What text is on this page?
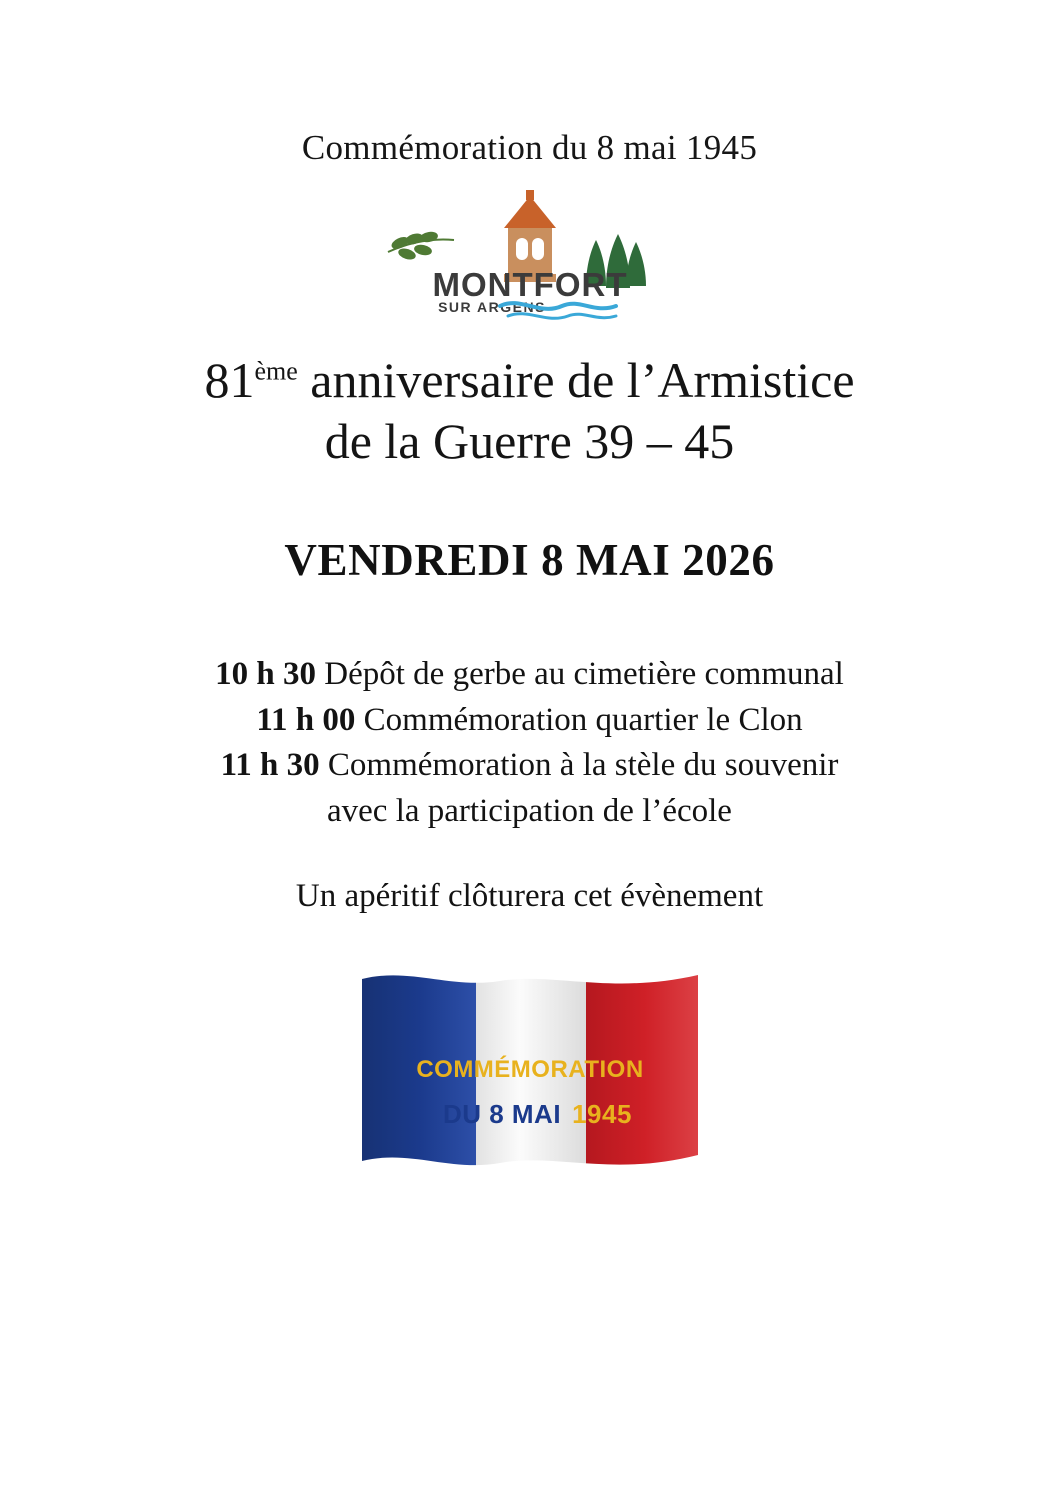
Commémoration du 8 mai 1945
MONTFORT
SUR ARGENS
81ème anniversaire de l’Armistice
de la Guerre 39 – 45
VENDREDI 8 MAI 2026
10 h 30 Dépôt de gerbe au cimetière communal
11 h 00 Commémoration quartier le Clon
11 h 30 Commémoration à la stèle du souvenir
avec la participation de l’école
Un apéritif clôturera cet évènement
COMMÉMORATION
DU 8 MAI 1945
